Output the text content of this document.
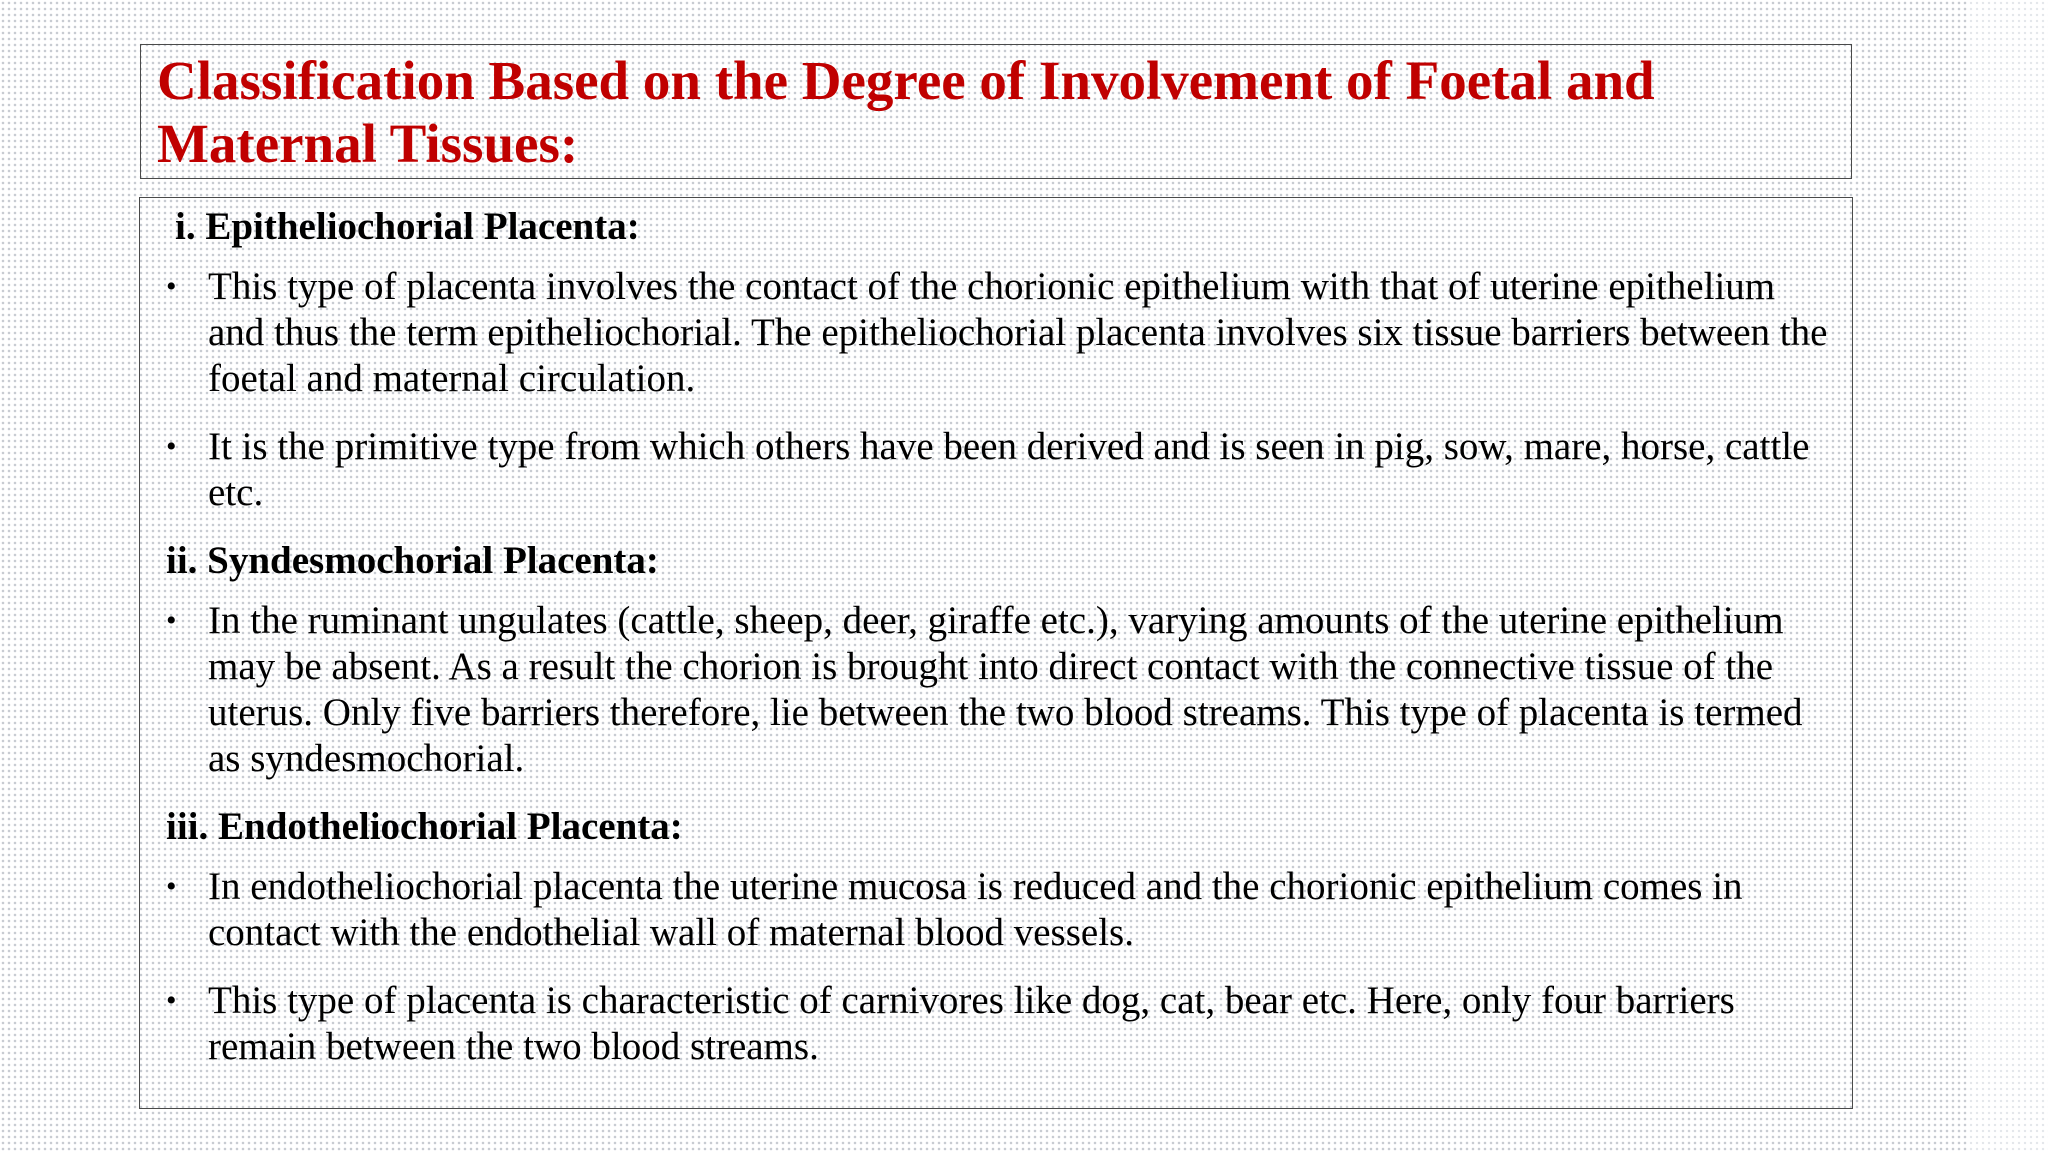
Classification Based on the Degree of Involvement of Foetal and Maternal Tissues:
i. Epitheliochorial Placenta:
• This type of placenta involves the contact of the chorionic epithelium with that of uterine epithelium and thus the term epitheliochorial. The epitheliochorial placenta involves six tissue barriers between the foetal and maternal circulation.
• It is the primitive type from which others have been derived and is seen in pig, sow, mare, horse, cattle etc.
ii. Syndesmochorial Placenta:
• In the ruminant ungulates (cattle, sheep, deer, giraffe etc.), varying amounts of the uterine epithelium may be absent. As a result the chorion is brought into direct contact with the connective tissue of the uterus. Only five barriers therefore, lie between the two blood streams. This type of placenta is termed as syndesmochorial.
iii. Endotheliochorial Placenta:
• In endotheliochorial placenta the uterine mucosa is reduced and the chorionic epithelium comes in contact with the endothelial wall of maternal blood vessels.
• This type of placenta is characteristic of carnivores like dog, cat, bear etc. Here, only four barriers remain between the two blood streams.
